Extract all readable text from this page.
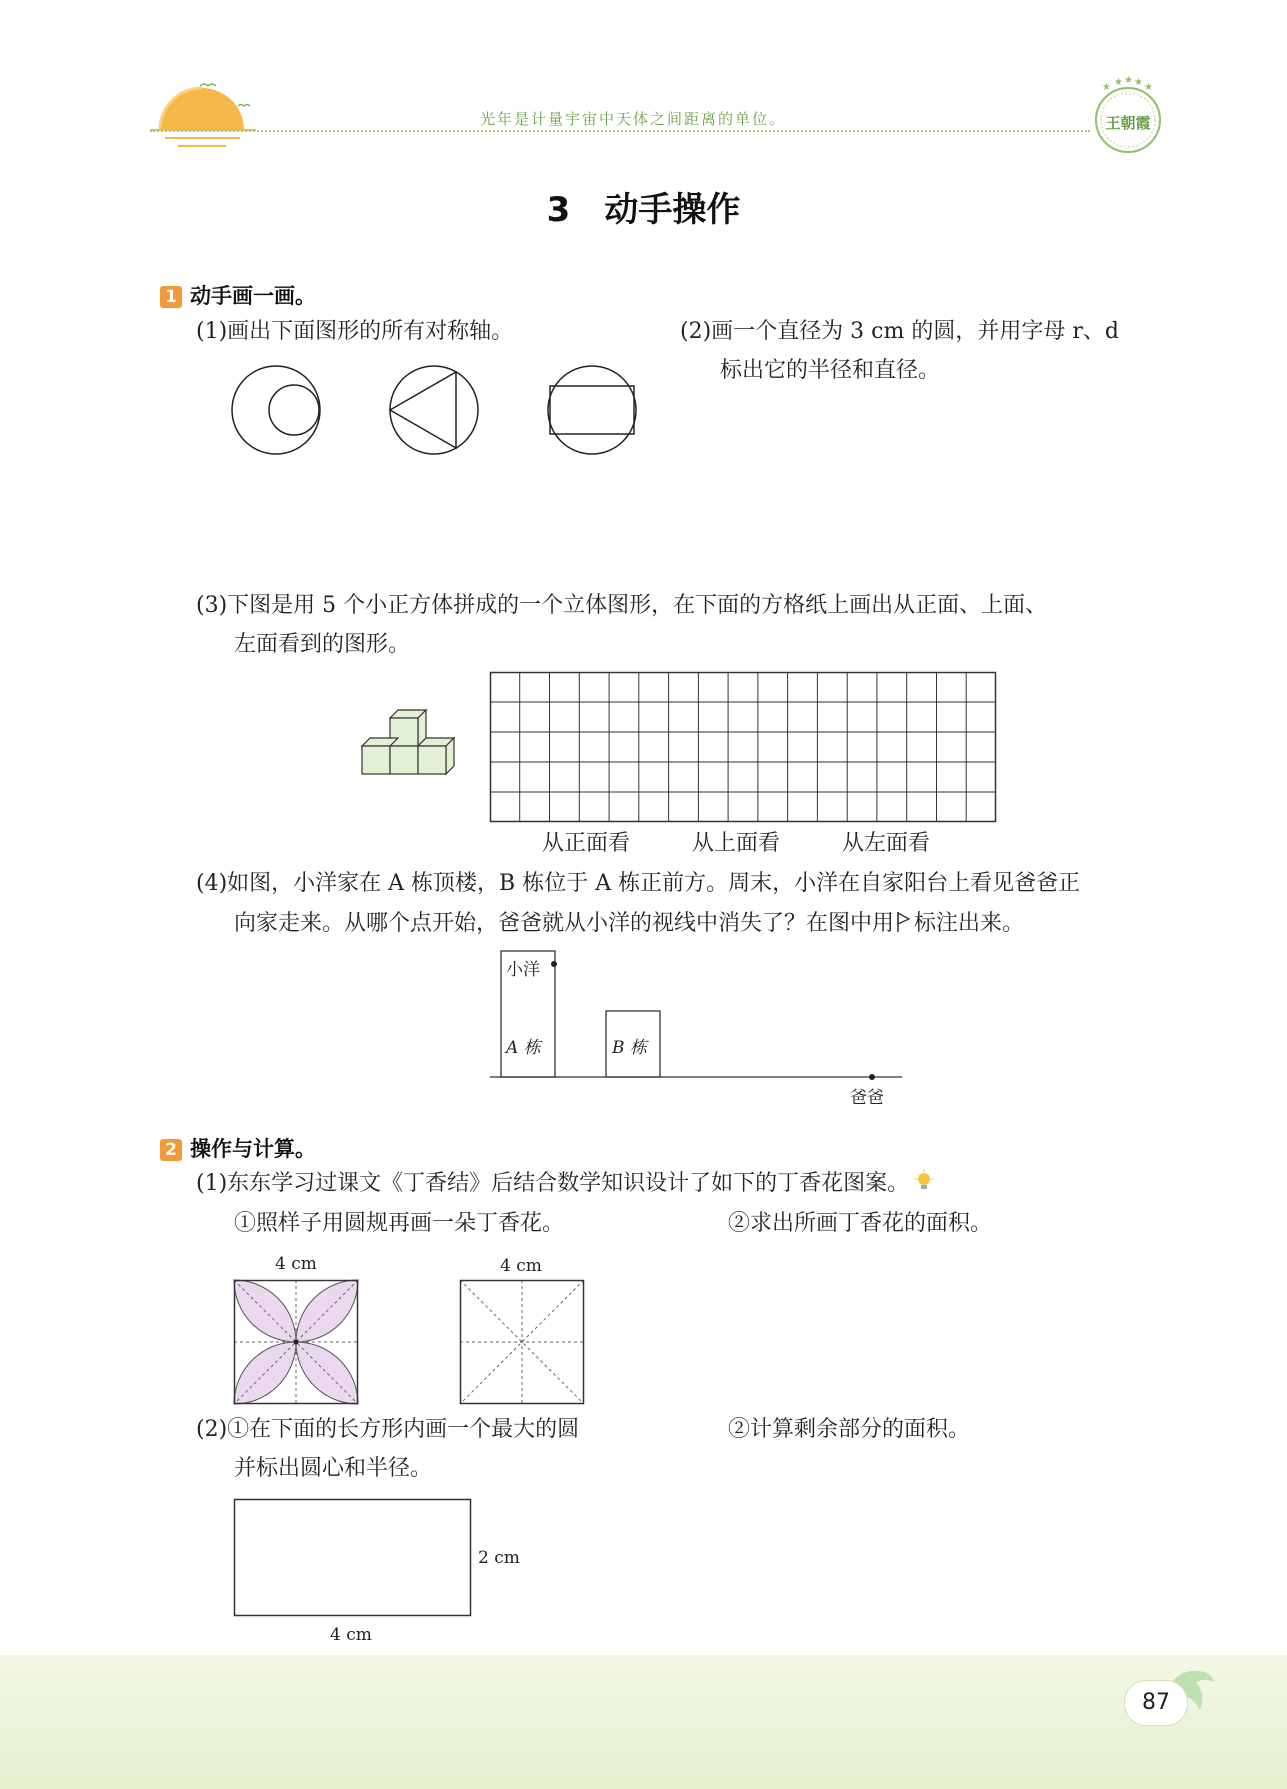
光年是计量宇宙中天体之间距离的单位。
★ ★ ★ ★ ★
王朝霞
3　动手操作
1 动手画一画。
(1)画出下面图形的所有对称轴。	(2)画一个直径为 3 cm 的圆，并用字母 r、d
标出它的半径和直径。
(3)下图是用 5 个小正方体拼成的一个立体图形，在下面的方格纸上画出从正面、上面、
左面看到的图形。
从正面看	从上面看	从左面看
(4)如图，小洋家在 A 栋顶楼，B 栋位于 A 栋正前方。周末，小洋在自家阳台上看见爸爸正
向家走来。从哪个点开始，爸爸就从小洋的视线中消失了？在图中用 标注出来。
小洋
A 栋	B 栋
爸爸
2 操作与计算。
(1)东东学习过课文《丁香结》后结合数学知识设计了如下的丁香花图案。
①照样子用圆规再画一朵丁香花。	②求出所画丁香花的面积。
4 cm	4 cm
(2)①在下面的长方形内画一个最大的圆
并标出圆心和半径。
②计算剩余部分的面积。
2 cm
4 cm
87
